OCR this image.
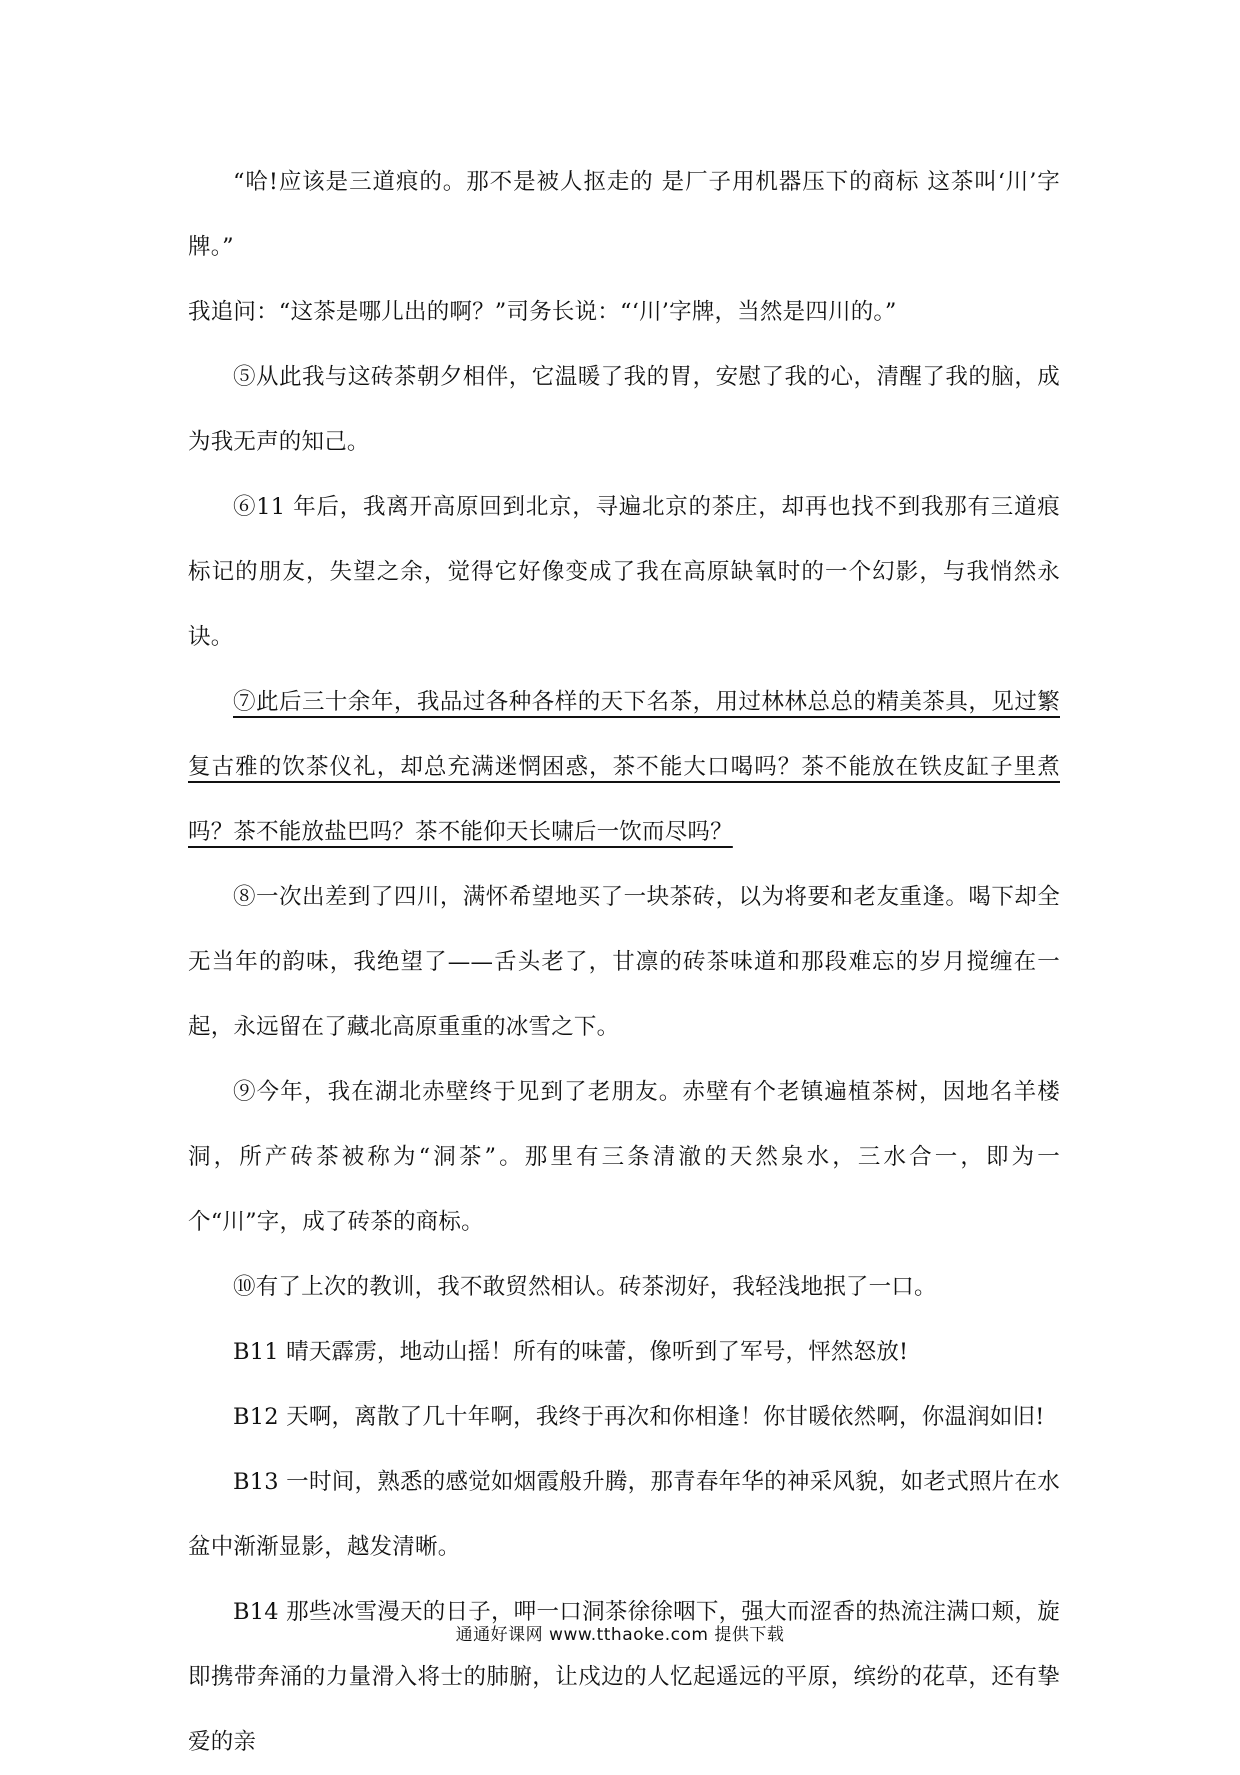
“哈!应该是三道痕的。那不是被人抠走的 是厂子用机器压下的商标 这茶叫‘川’字牌。”

我追问：“这茶是哪儿出的啊？”司务长说：“‘川’字牌，当然是四川的。”

⑤从此我与这砖茶朝夕相伴，它温暖了我的胃，安慰了我的心，清醒了我的脑，成为我无声的知己。

⑥11 年后，我离开高原回到北京，寻遍北京的茶庄，却再也找不到我那有三道痕标记的朋友，失望之余，觉得它好像变成了我在高原缺氧时的一个幻影，与我悄然永诀。

⑦此后三十余年，我品过各种各样的天下名茶，用过林林总总的精美茶具，见过繁复古雅的饮茶仪礼，却总充满迷惘困惑，茶不能大口喝吗？茶不能放在铁皮缸子里煮吗？茶不能放盐巴吗？茶不能仰天长啸后一饮而尽吗？

⑧一次出差到了四川，满怀希望地买了一块茶砖，以为将要和老友重逢。喝下却全无当年的韵味，我绝望了——舌头老了，甘凛的砖茶味道和那段难忘的岁月搅缠在一起，永远留在了藏北高原重重的冰雪之下。

⑨今年，我在湖北赤壁终于见到了老朋友。赤壁有个老镇遍植茶树，因地名羊楼洞，所产砖茶被称为“洞茶”。那里有三条清澈的天然泉水，三水合一，即为一个“川”字，成了砖茶的商标。

⑩有了上次的教训，我不敢贸然相认。砖茶沏好，我轻浅地抿了一口。

B11 晴天霹雳，地动山摇！所有的味蕾，像听到了军号，怦然怒放!

B12 天啊，离散了几十年啊，我终于再次和你相逢！你甘暖依然啊，你温润如旧!

B13 一时间，熟悉的感觉如烟霞般升腾，那青春年华的神采风貌，如老式照片在水盆中渐渐显影，越发清晰。

B14 那些冰雪漫天的日子，呷一口洞茶徐徐咽下，强大而涩香的热流注满口颊，旋即携带奔涌的力量滑入将士的肺腑，让戍边的人忆起遥远的平原，缤纷的花草，还有挚爱的亲

通通好课网 www.tthaoke.com 提供下载
